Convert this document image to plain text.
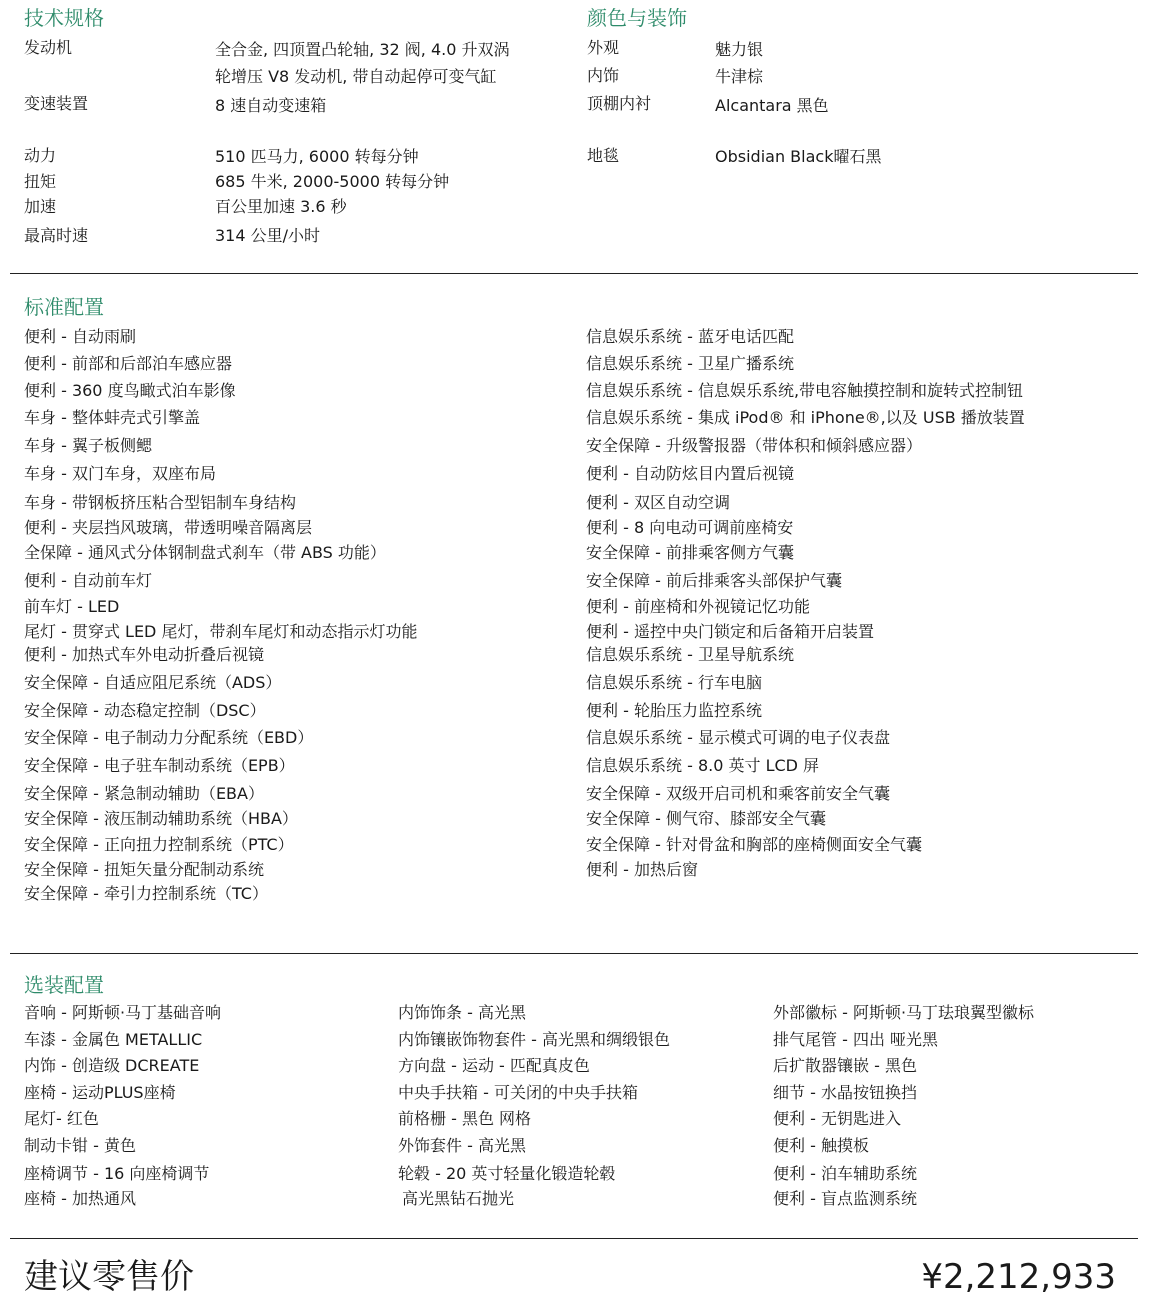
技术规格
发动机	全合金, 四顶置凸轮轴, 32 阀, 4.0 升双涡
轮增压 V8 发动机, 带自动起停可变气缸
变速装置	8 速自动变速箱
动力	510 匹马力, 6000 转每分钟
扭矩	685 牛米, 2000-5000 转每分钟
加速	百公里加速 3.6 秒
最高时速	314 公里/小时
颜色与装饰
外观	魅力银
内饰	牛津棕
顶棚内衬	Alcantara 黑色
地毯	Obsidian Black曜石黑
标准配置
便利 - 自动雨刷
便利 - 前部和后部泊车感应器
便利 - 360 度鸟瞰式泊车影像
车身 - 整体蚌壳式引擎盖
车身 - 翼子板侧鳃
车身 - 双门车身，双座布局
车身 - 带钢板挤压粘合型铝制车身结构
便利 - 夹层挡风玻璃，带透明噪音隔离层
全保障 - 通风式分体钢制盘式刹车（带 ABS 功能）
便利 - 自动前车灯
前车灯 - LED
尾灯 - 贯穿式 LED 尾灯，带刹车尾灯和动态指示灯功能
便利 - 加热式车外电动折叠后视镜
安全保障 - 自适应阻尼系统（ADS）
安全保障 - 动态稳定控制（DSC）
安全保障 - 电子制动力分配系统（EBD）
安全保障 - 电子驻车制动系统（EPB）
安全保障 - 紧急制动辅助（EBA）
安全保障 - 液压制动辅助系统（HBA）
安全保障 - 正向扭力控制系统（PTC）
安全保障 - 扭矩矢量分配制动系统
安全保障 - 牵引力控制系统（TC）
信息娱乐系统 - 蓝牙电话匹配
信息娱乐系统 - 卫星广播系统
信息娱乐系统 - 信息娱乐系统,带电容触摸控制和旋转式控制钮
信息娱乐系统 - 集成 iPod® 和 iPhone®,以及 USB 播放装置
安全保障 - 升级警报器（带体积和倾斜感应器）
便利 - 自动防炫目内置后视镜
便利 - 双区自动空调
便利 - 8 向电动可调前座椅安
安全保障 - 前排乘客侧方气囊
安全保障 - 前后排乘客头部保护气囊
便利 - 前座椅和外视镜记忆功能
便利 - 遥控中央门锁定和后备箱开启装置
信息娱乐系统 - 卫星导航系统
信息娱乐系统 - 行车电脑
便利 - 轮胎压力监控系统
信息娱乐系统 - 显示模式可调的电子仪表盘
信息娱乐系统 - 8.0 英寸 LCD 屏
安全保障 - 双级开启司机和乘客前安全气囊
安全保障 - 侧气帘、膝部安全气囊
安全保障 - 针对骨盆和胸部的座椅侧面安全气囊
便利 - 加热后窗
选装配置
音响 - 阿斯顿·马丁基础音响
车漆 - 金属色 METALLIC
内饰 - 创造级 DCREATE
座椅 - 运动PLUS座椅
尾灯- 红色
制动卡钳 - 黄色
座椅调节 - 16 向座椅调节
座椅 - 加热通风
内饰饰条 - 高光黑
内饰镶嵌饰物套件 - 高光黑和绸缎银色
方向盘 - 运动 - 匹配真皮色
中央手扶箱 - 可关闭的中央手扶箱
前格栅 - 黑色 网格
外饰套件 - 高光黑
轮毂 - 20 英寸轻量化锻造轮毂
高光黑钻石抛光
外部徽标 - 阿斯顿·马丁珐琅翼型徽标
排气尾管 - 四出 哑光黑
后扩散器镶嵌 - 黑色
细节 - 水晶按钮换挡
便利 - 无钥匙进入
便利 - 触摸板
便利 - 泊车辅助系统
便利 - 盲点监测系统
建议零售价	¥2,212,933
